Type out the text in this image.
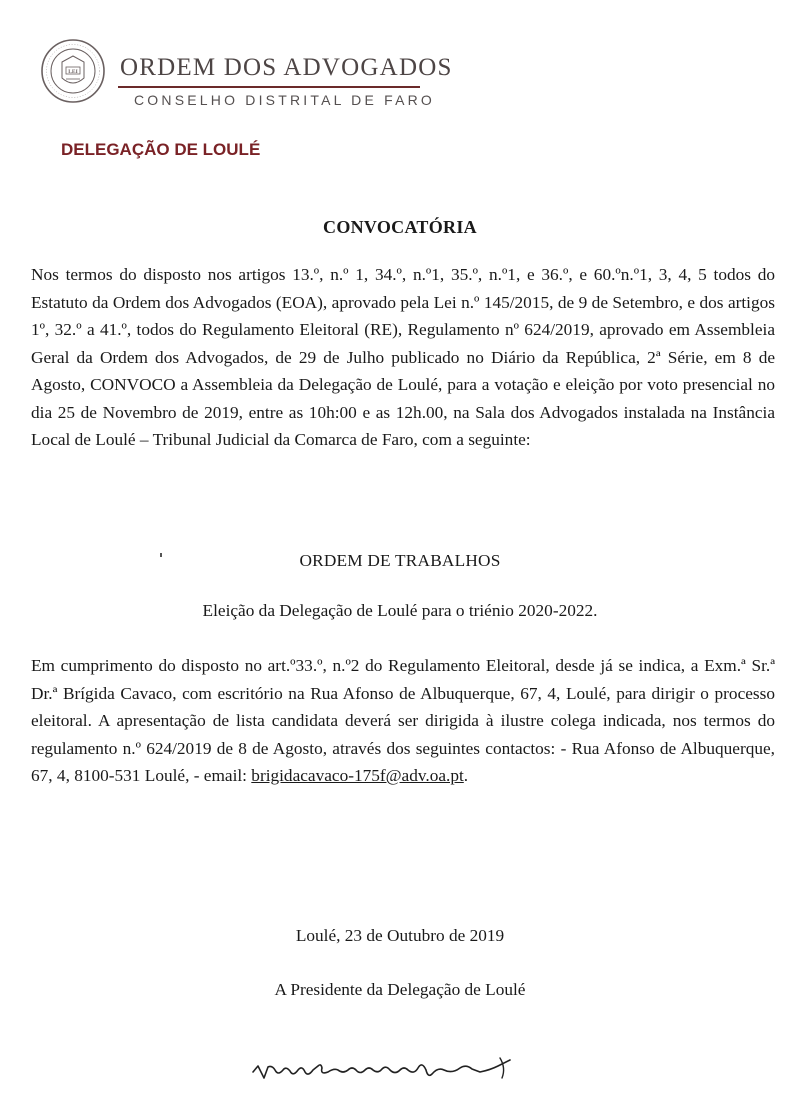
LEI ORDEM DOS ADVOGADOS
CONSELHO DISTRITAL DE FARO
DELEGAÇÃO DE LOULÉ
CONVOCATÓRIA

Nos termos do disposto nos artigos 13.º, n.º 1, 34.º, n.º1, 35.º, n.º1, e 36.º, e 60.ºn.º1, 3, 4, 5 todos do Estatuto da Ordem dos Advogados (EOA), aprovado pela Lei n.º 145/2015, de 9 de Setembro, e dos artigos 1º, 32.º a 41.º, todos do Regulamento Eleitoral (RE), Regulamento nº 624/2019, aprovado em Assembleia Geral da Ordem dos Advogados, de 29 de Julho publicado no Diário da República, 2ª Série, em 8 de Agosto, CONVOCO a Assembleia da Delegação de Loulé, para a votação e eleição por voto presencial no dia 25 de Novembro de 2019, entre as 10h:00 e as 12h.00, na Sala dos Advogados instalada na Instância Local de Loulé – Tribunal Judicial da Comarca de Faro, com a seguinte:

ORDEM DE TRABALHOS
Eleição da Delegação de Loulé para o triénio 2020-2022.

Em cumprimento do disposto no art.º33.º, n.º2 do Regulamento Eleitoral, desde já se indica, a Exm.ª Sr.ª Dr.ª Brígida Cavaco, com escritório na Rua Afonso de Albuquerque, 67, 4, Loulé, para dirigir o processo eleitoral. A apresentação de lista candidata deverá ser dirigida à ilustre colega indicada, nos termos do regulamento n.º 624/2019 de 8 de Agosto, através dos seguintes contactos: - Rua Afonso de Albuquerque, 67, 4, 8100-531 Loulé, - email: brigidacavaco-175f@adv.oa.pt.

Loulé, 23 de Outubro de 2019
A Presidente da Delegação de Loulé
